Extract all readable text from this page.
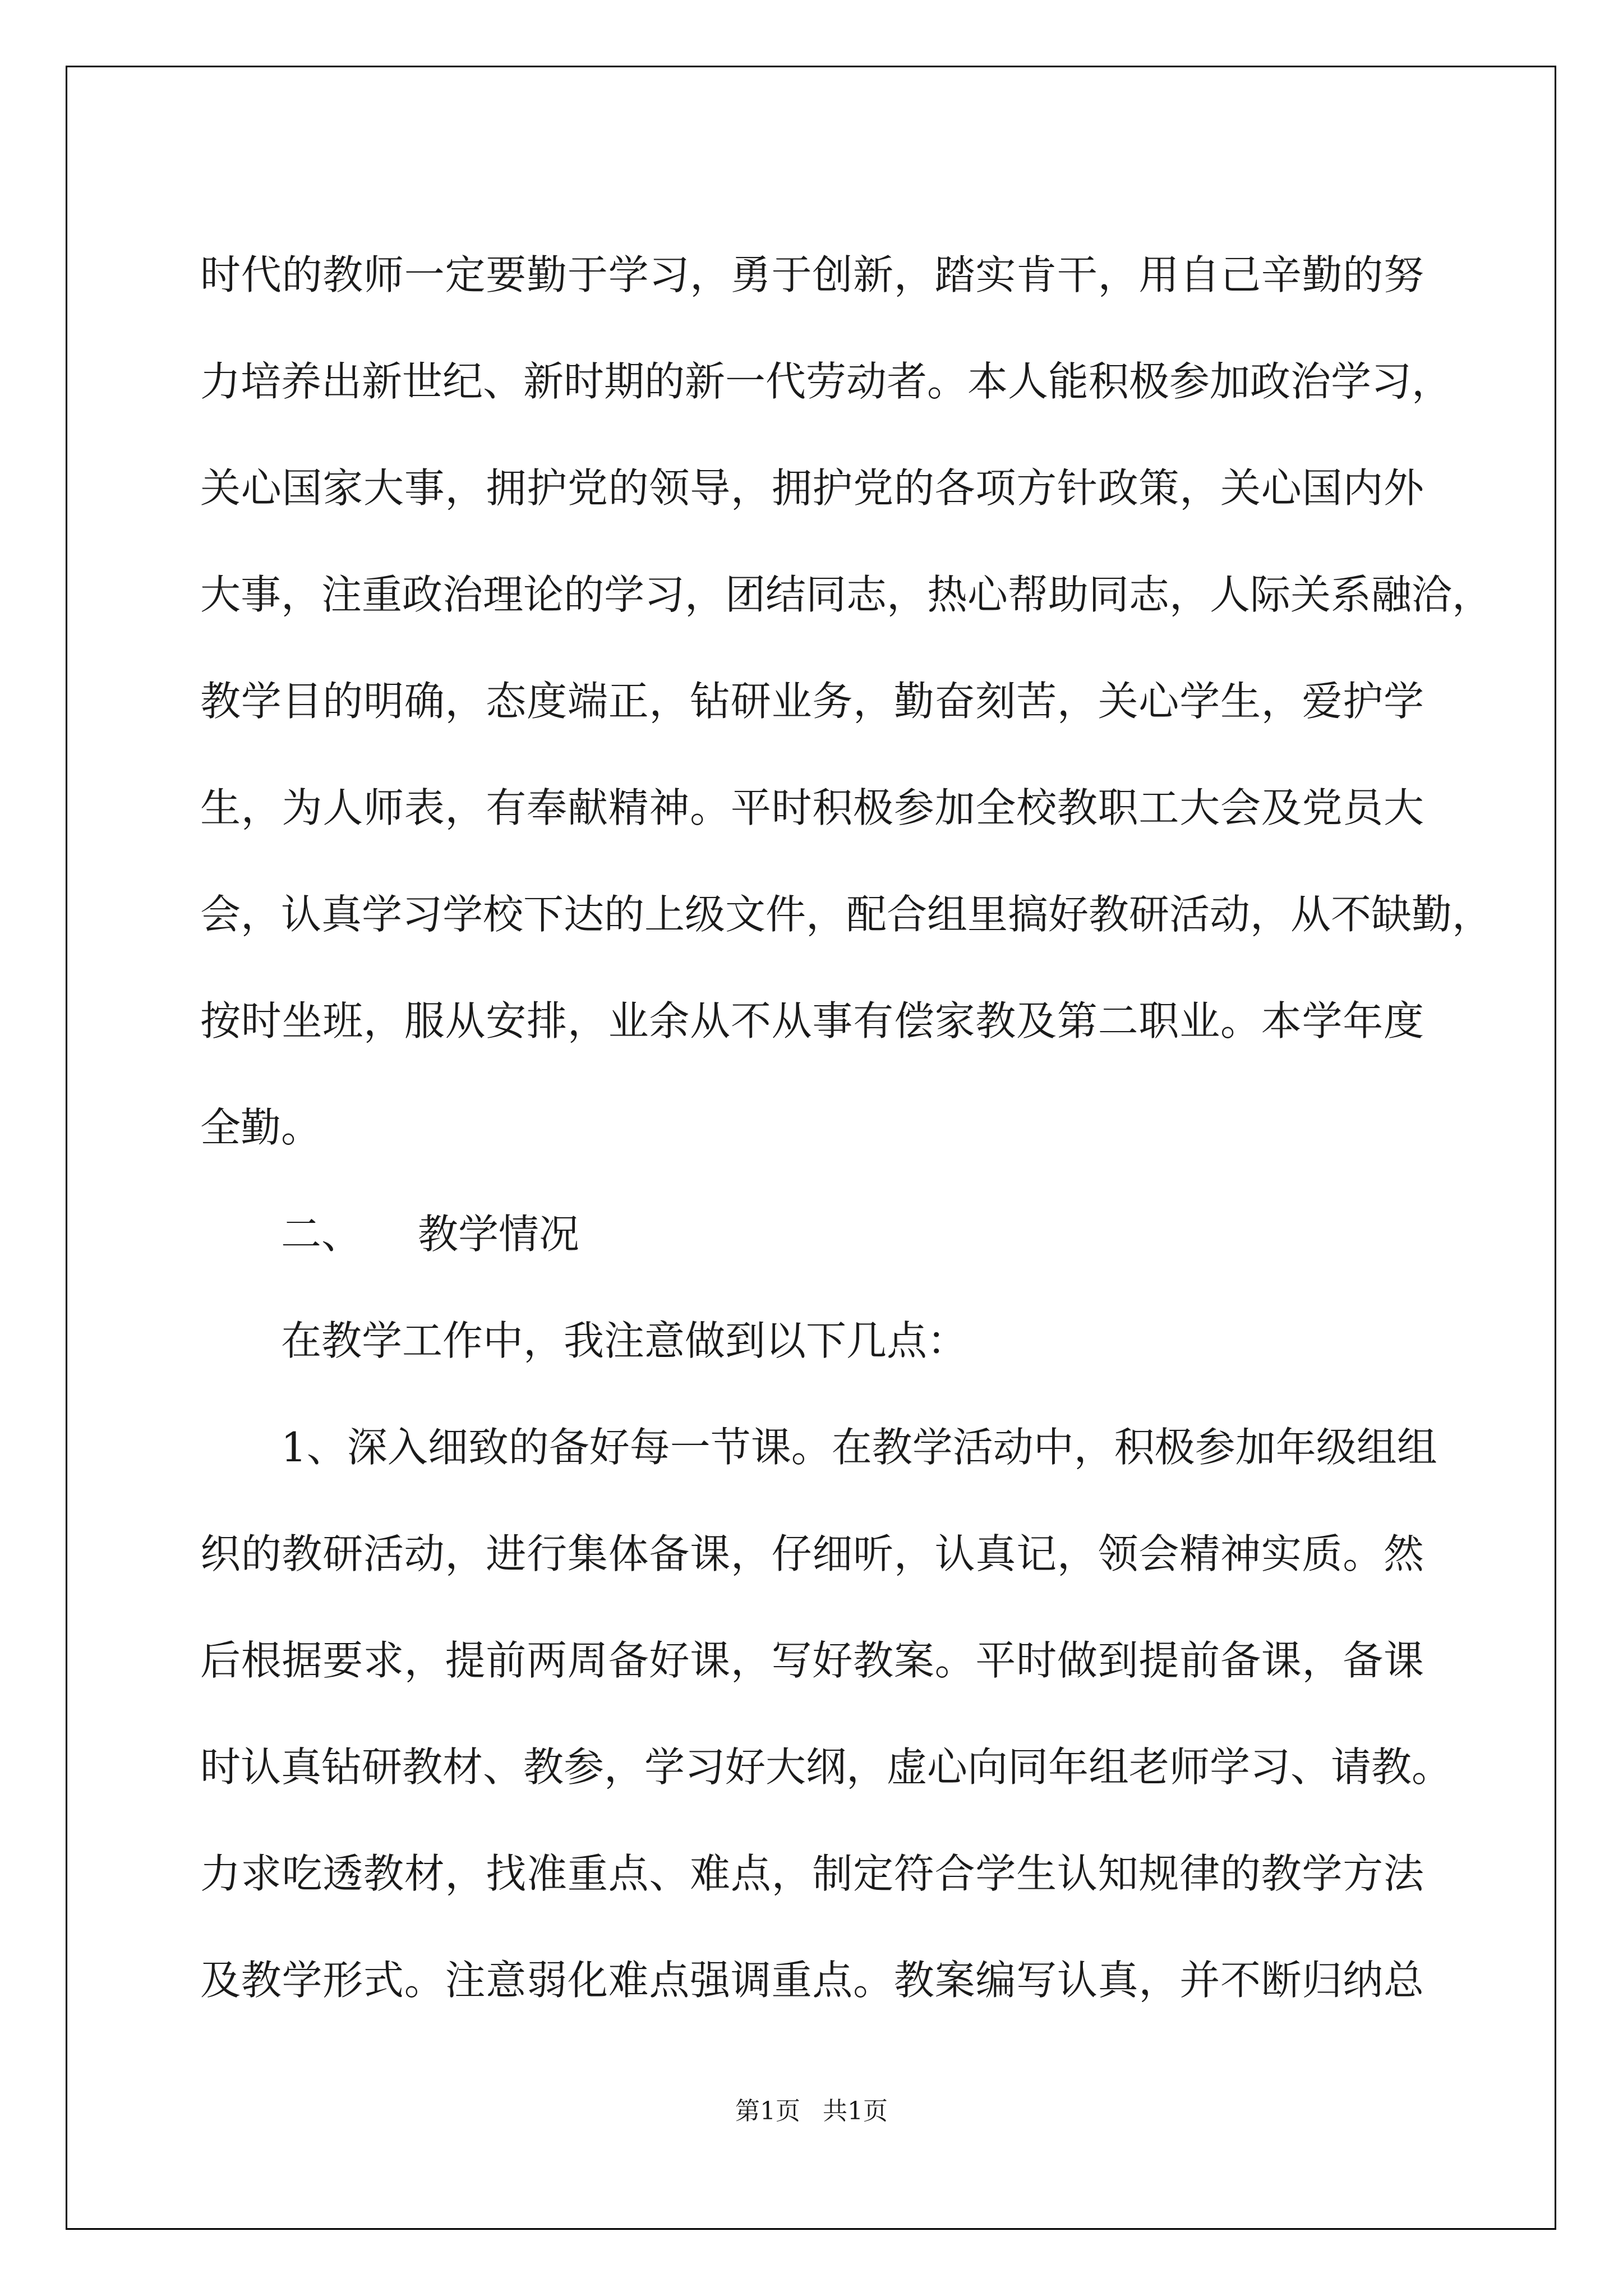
时代的教师一定要勤于学习，勇于创新，踏实肯干，用自己辛勤的努
力培养出新世纪、新时期的新一代劳动者。本人能积极参加政治学习，
关心国家大事，拥护党的领导，拥护党的各项方针政策，关心国内外
大事，注重政治理论的学习，团结同志，热心帮助同志，人际关系融洽，
教学目的明确，态度端正，钻研业务，勤奋刻苦，关心学生，爱护学
生，为人师表，有奉献精神。平时积极参加全校教职工大会及党员大
会，认真学习学校下达的上级文件，配合组里搞好教研活动，从不缺勤，
按时坐班，服从安排，业余从不从事有偿家教及第二职业。本学年度
全勤。
二、 教学情况
在教学工作中，我注意做到以下几点：
1、深入细致的备好每一节课。在教学活动中，积极参加年级组组
织的教研活动，进行集体备课，仔细听，认真记，领会精神实质。然
后根据要求，提前两周备好课，写好教案。平时做到提前备课，备课
时认真钻研教材、教参，学习好大纲，虚心向同年组老师学习、请教。
力求吃透教材，找准重点、难点，制定符合学生认知规律的教学方法
及教学形式。注意弱化难点强调重点。教案编写认真，并不断归纳总
第1页 共1页
